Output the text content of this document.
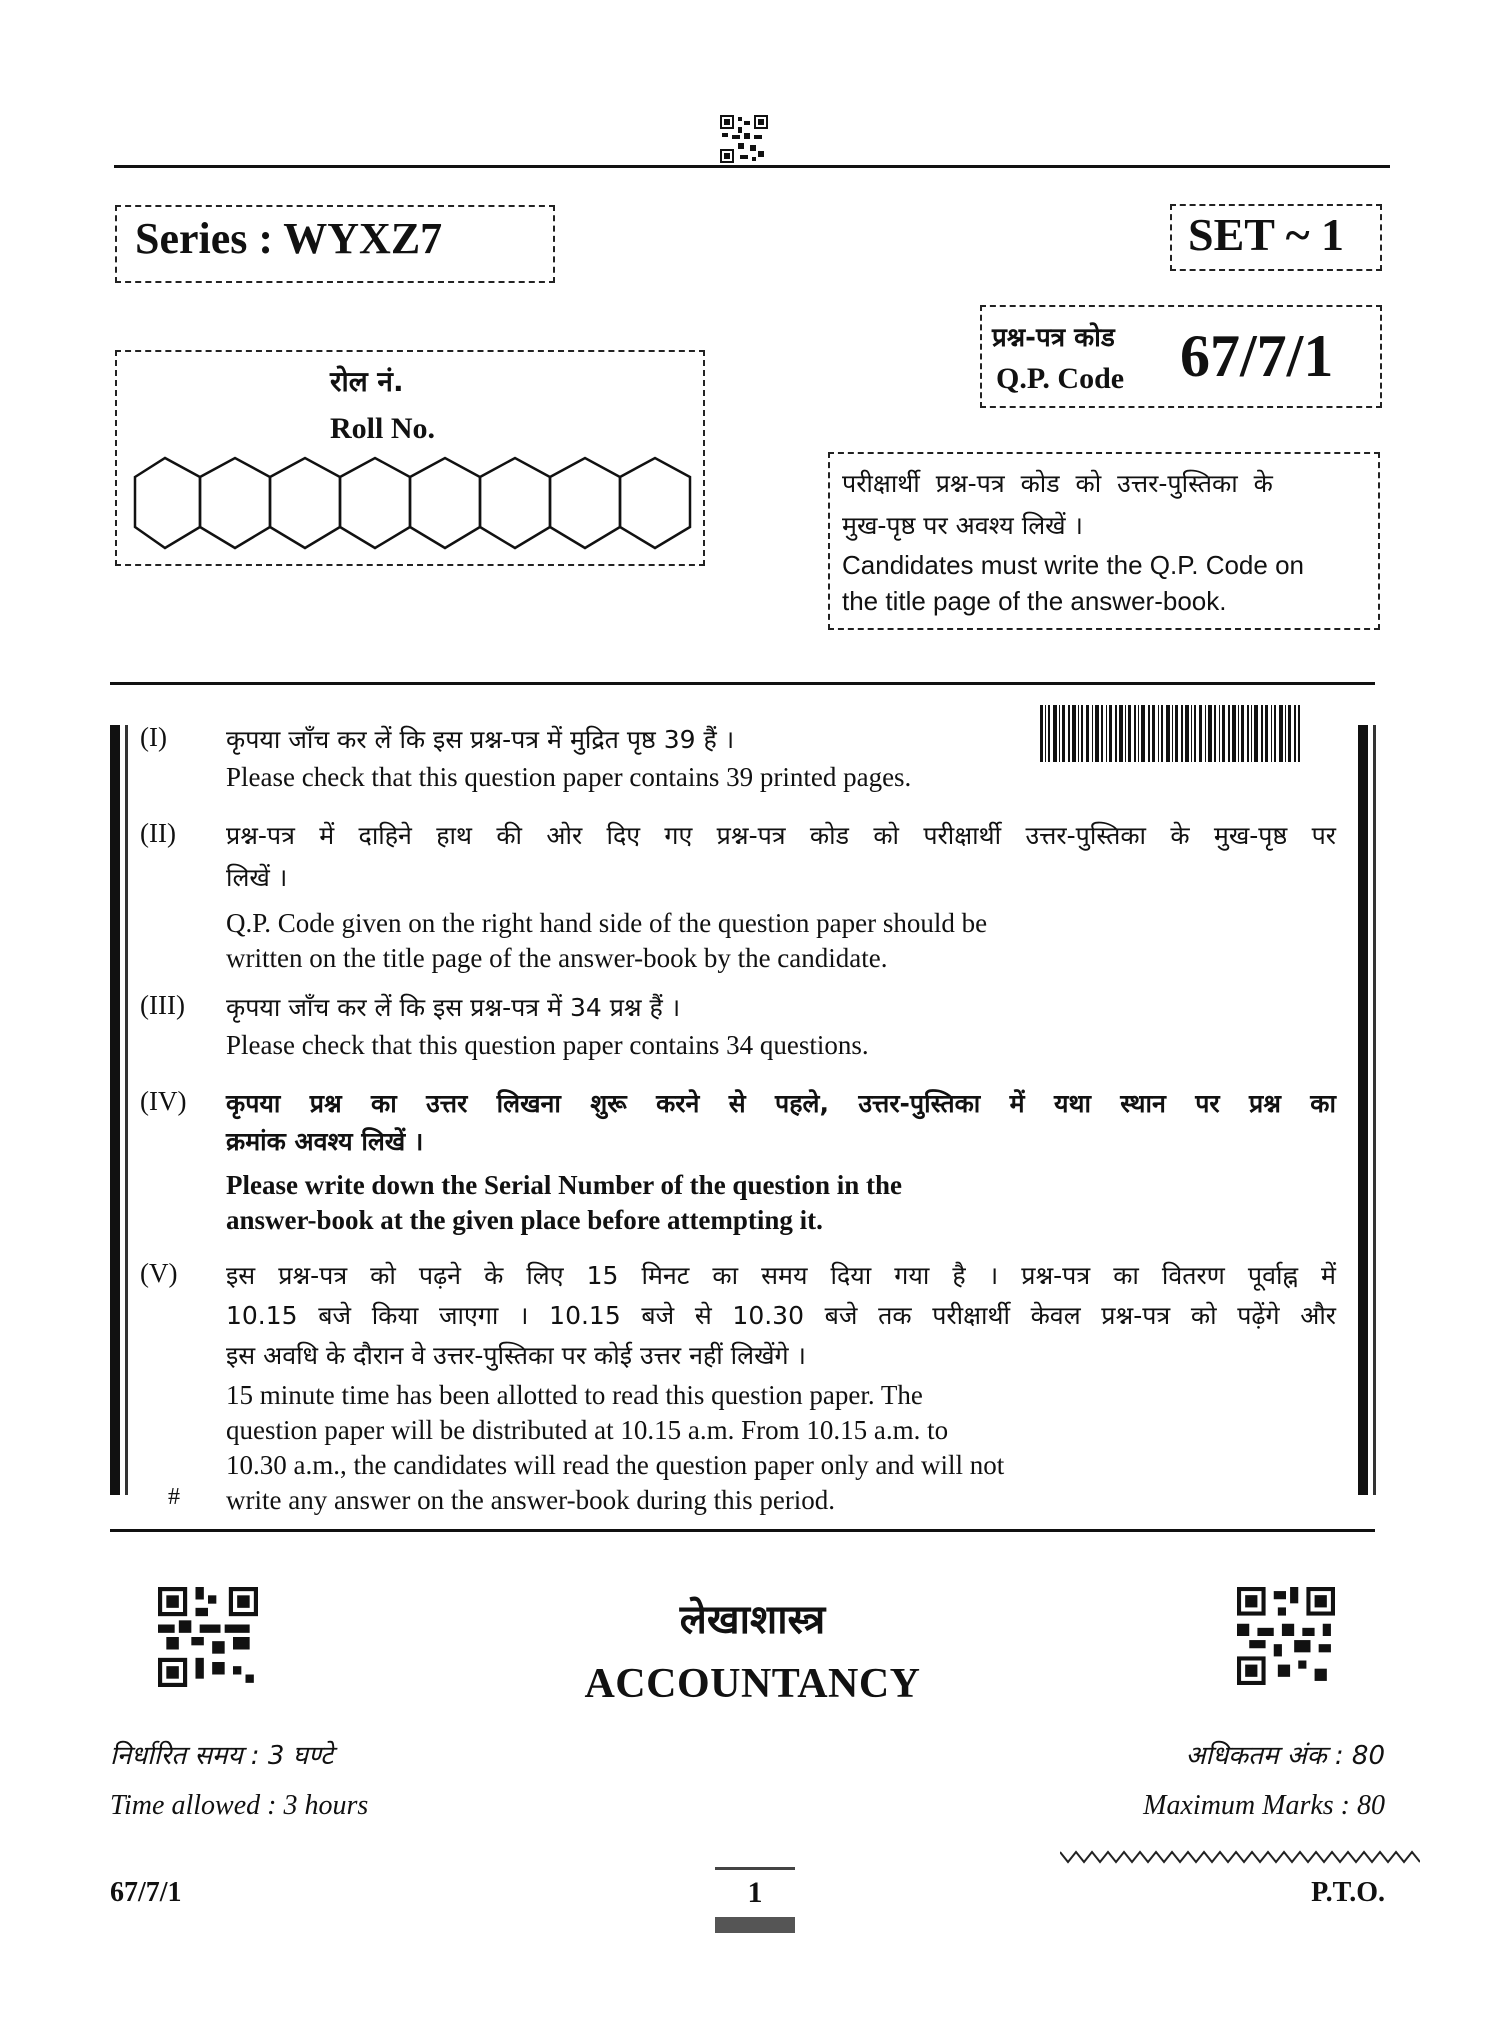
Series : WYXZ7	SET ~ 1
रोल नं.
Roll No.
प्रश्न-पत्र कोड
Q.P. Code 67/7/1
परीक्षार्थी प्रश्न-पत्र कोड को उत्तर-पुस्तिका के
मुख-पृष्ठ पर अवश्य लिखें ।
Candidates must write the Q.P. Code on
the title page of the answer-book.
(I) कृपया जाँच कर लें कि इस प्रश्न-पत्र में मुद्रित पृष्ठ 39 हैं ।
Please check that this question paper contains 39 printed pages.
(II) प्रश्न-पत्र में दाहिने हाथ की ओर दिए गए प्रश्न-पत्र कोड को परीक्षार्थी उत्तर-पुस्तिका के मुख-पृष्ठ पर
लिखें ।
Q.P. Code given on the right hand side of the question paper should be
written on the title page of the answer-book by the candidate.
(III) कृपया जाँच कर लें कि इस प्रश्न-पत्र में 34 प्रश्न हैं ।
Please check that this question paper contains 34 questions.
(IV) कृपया प्रश्न का उत्तर लिखना शुरू करने से पहले, उत्तर-पुस्तिका में यथा स्थान पर प्रश्न का
क्रमांक अवश्य लिखें ।
Please write down the Serial Number of the question in the
answer-book at the given place before attempting it.
(V) इस प्रश्न-पत्र को पढ़ने के लिए 15 मिनट का समय दिया गया है । प्रश्न-पत्र का वितरण पूर्वाह्न में
10.15 बजे किया जाएगा । 10.15 बजे से 10.30 बजे तक परीक्षार्थी केवल प्रश्न-पत्र को पढ़ेंगे और
इस अवधि के दौरान वे उत्तर-पुस्तिका पर कोई उत्तर नहीं लिखेंगे ।
15 minute time has been allotted to read this question paper. The
question paper will be distributed at 10.15 a.m. From 10.15 a.m. to
10.30 a.m., the candidates will read the question paper only and will not
write any answer on the answer-book during this period.
#
लेखाशास्त्र
ACCOUNTANCY
निर्धारित समय : 3 घण्टे
Time allowed : 3 hours
अधिकतम अंक : 80
Maximum Marks : 80
67/7/1	1	P.T.O.
